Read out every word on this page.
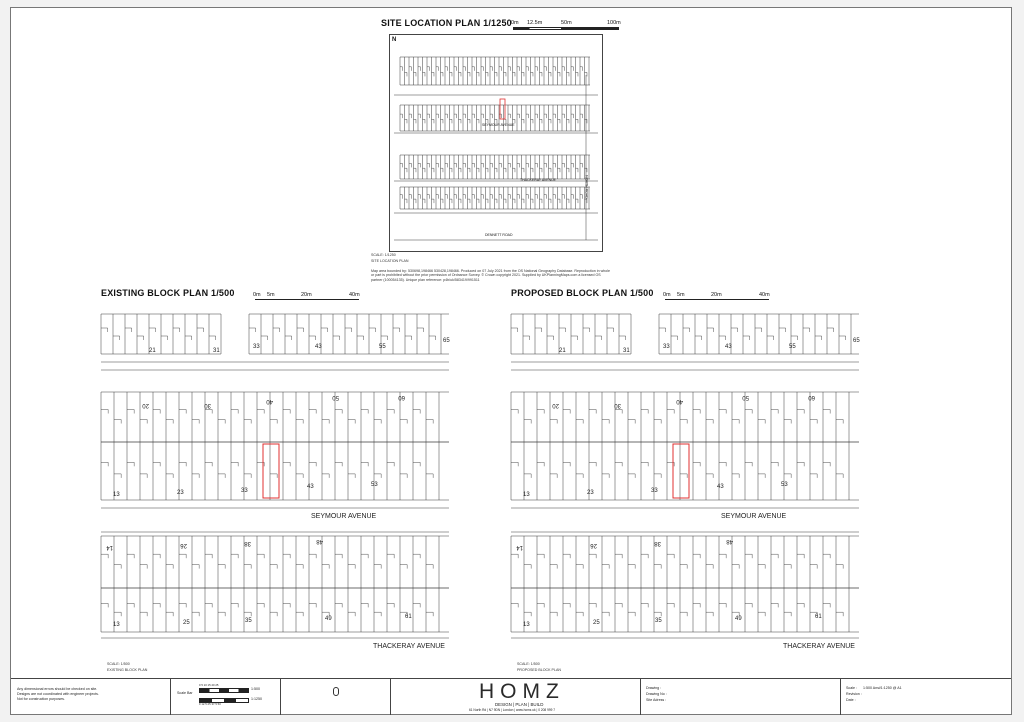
SITE LOCATION PLAN 1/1250 0m 12.5m	50m	100m
N
SEYMOUR AVENUE
THACKERAY AVENUE
DENNETT ROAD
NORTH ROAD
SCALE: 1/1250
SITE LOCATION PLAN
Map area bounded by: 530698,198466 530428,198466. Produced on 07 July 2021 from the OS National Geography Database. Reproduction in whole or part is prohibited without the prior permission of Ordnance Survey. © Crown copyright 2021. Supplied by UKPlanningMaps.com a licensed OS partner (100054135). Unique plan reference: p4b/uk/583419/991511
EXISTING BLOCK PLAN 1/500	0m 5m	20m	40m
21	31
33	43	55
65
20	30
40
50	60
13	23	33
43	53
SEYMOUR AVENUE
14	26	38	48
13	25	35	49	61
THACKERAY AVENUE
SCALE: 1/500
EXISTING BLOCK PLAN
PROPOSED BLOCK PLAN 1/500 0m 5m	20m	40m
21	31
33	43	55
65
20	30
40
50	60
13	23	33
43	53
SEYMOUR AVENUE
14	26	38	48
13	25	35	49	61
THACKERAY AVENUE
SCALE: 1/500
PROPOSED BLOCK PLAN
Any dimensional errors should be checked on site.
Designs are not coordinated with engineer projects.
Not for construction purposes.
Scale Bar
1:500
1:1250
0 5 10 15 20 25
0 12.5 25 37.5 50
HOMZ
DESIGN | PLAN | BUILD
61 North Rd | N7 9DN | London | www.homz.uk | 0 208 999 7
Drawing :
Drawing No :
Site Adress :
Scale : 1:500 Ansi/1:1250 @ A1
Revision :
Date :
